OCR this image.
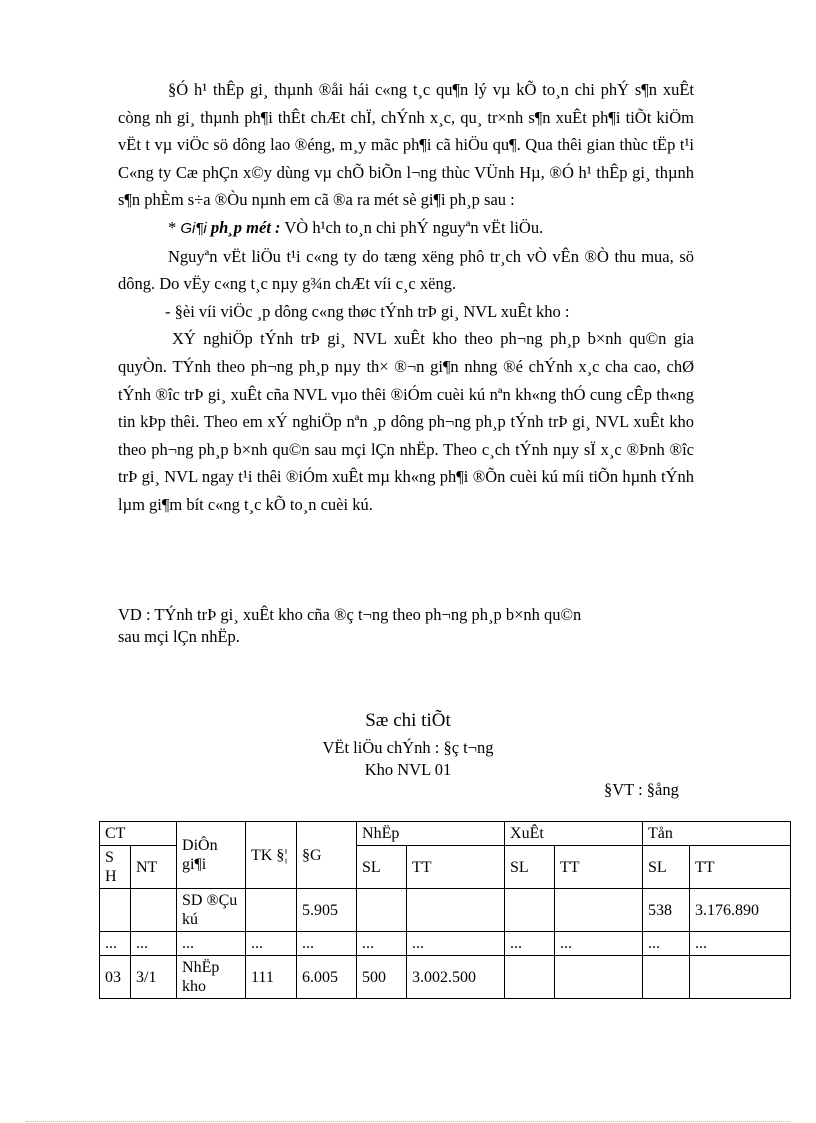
§Ó h¹ thÊp gi¸ thµnh ®åi hái c«ng t¸c qu¶n lý vµ kÕ to¸n chi phÝ s¶n xuÊt còng nh gi¸ thµnh ph¶i thÊt chÆt chÏ, chÝnh x¸c, qu¸ tr×nh s¶n xuÊt ph¶i tiÕt kiÖm vËt t vµ viÖc sö dông lao ®éng, m¸y mãc ph¶i cã hiÖu qu¶. Qua thêi gian thùc tËp t¹i C«ng ty Cæ phÇn x©y dùng vµ chÕ biÕn l¬ng thùc VÜnh Hµ, ®Ó h¹ thÊp gi¸ thµnh s¶n phÈm s÷a ®Òu nµnh em cã ®a ra mét sè gi¶i ph¸p sau :

* Gi¶i ph¸p mét : VÒ h¹ch to¸n chi phÝ nguyªn vËt liÖu.

Nguyªn vËt liÖu t¹i c«ng ty do tæng xëng phô tr¸ch vÒ vÊn ®Ò thu mua, sö dông. Do vËy c«ng t¸c nµy g¾n chÆt víi c¸c xëng.

- §èi víi viÖc ¸p dông c«ng thøc tÝnh trÞ gi¸ NVL xuÊt kho :

XÝ nghiÖp tÝnh trÞ gi¸ NVL xuÊt kho theo ph¬ng ph¸p b×nh qu©n gia quyÒn. TÝnh theo ph¬ng ph¸p nµy th× ®¬n gi¶n nhng ®é chÝnh x¸c cha cao, chØ tÝnh ®îc trÞ gi¸ xuÊt cña NVL vµo thêi ®iÓm cuèi kú nªn kh«ng thÓ cung cÊp th«ng tin kÞp thêi. Theo em xÝ nghiÖp nªn ¸p dông ph¬ng ph¸p tÝnh trÞ gi¸ NVL xuÊt kho theo ph¬ng ph¸p b×nh qu©n sau mçi lÇn nhËp. Theo c¸ch tÝnh nµy sÏ x¸c ®Þnh ®îc trÞ gi¸ NVL ngay t¹i thêi ®iÓm xuÊt mµ kh«ng ph¶i ®Õn cuèi kú míi tiÕn hµnh tÝnh lµm gi¶m bít c«ng t¸c kÕ to¸n cuèi kú.

VD : TÝnh trÞ gi¸ xuÊt kho cña ®ç t¬ng theo ph¬ng ph¸p b×nh qu©n

sau mçi lÇn nhËp.

Sæ chi tiÕt
VËt liÖu chÝnh : §ç t¬ng
Kho NVL 01
§VT : §ång
CT		DiÔn gi¶i	TK §¦	§G	NhËp		XuÊt		Tån	
S H	NT				SL	TT	SL	TT	SL	TT
		SD ®Çu kú		5.905					538	3.176.890
...	...	...	...	...	...	...	...	...	...	...
03	3/1	NhËp kho	111	6.005	500	3.002.500				
